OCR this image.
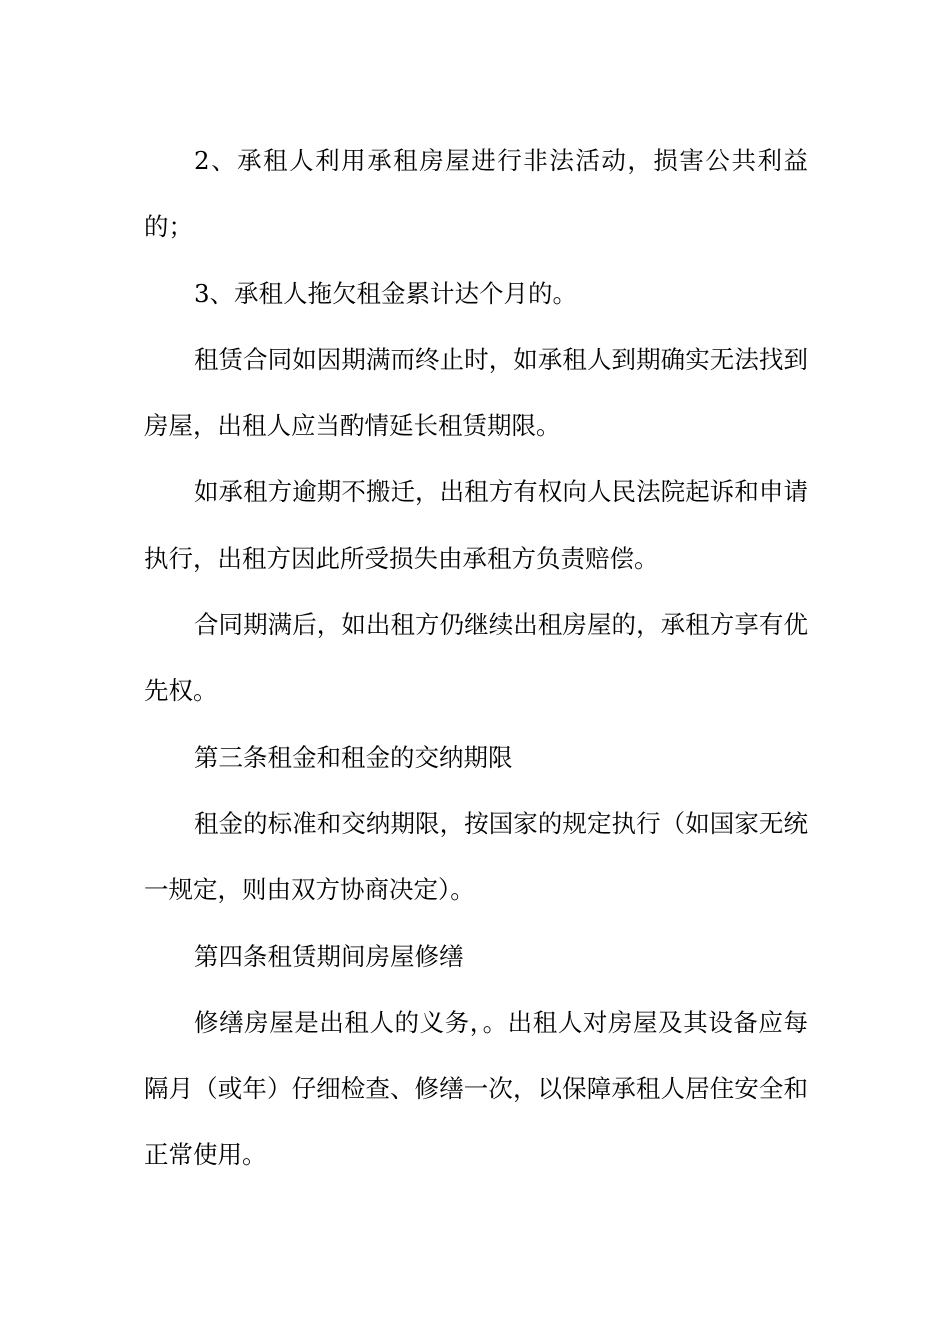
2、承租人利用承租房屋进行非法活动，损害公共利益的；

3、承租人拖欠租金累计达个月的。

租赁合同如因期满而终止时，如承租人到期确实无法找到房屋，出租人应当酌情延长租赁期限。

如承租方逾期不搬迁，出租方有权向人民法院起诉和申请执行，出租方因此所受损失由承租方负责赔偿。

合同期满后，如出租方仍继续出租房屋的，承租方享有优先权。

第三条租金和租金的交纳期限

租金的标准和交纳期限，按国家的规定执行（如国家无统一规定，则由双方协商决定）。

第四条租赁期间房屋修缮

修缮房屋是出租人的义务，。出租人对房屋及其设备应每隔月（或年）仔细检查、修缮一次，以保障承租人居住安全和正常使用。
